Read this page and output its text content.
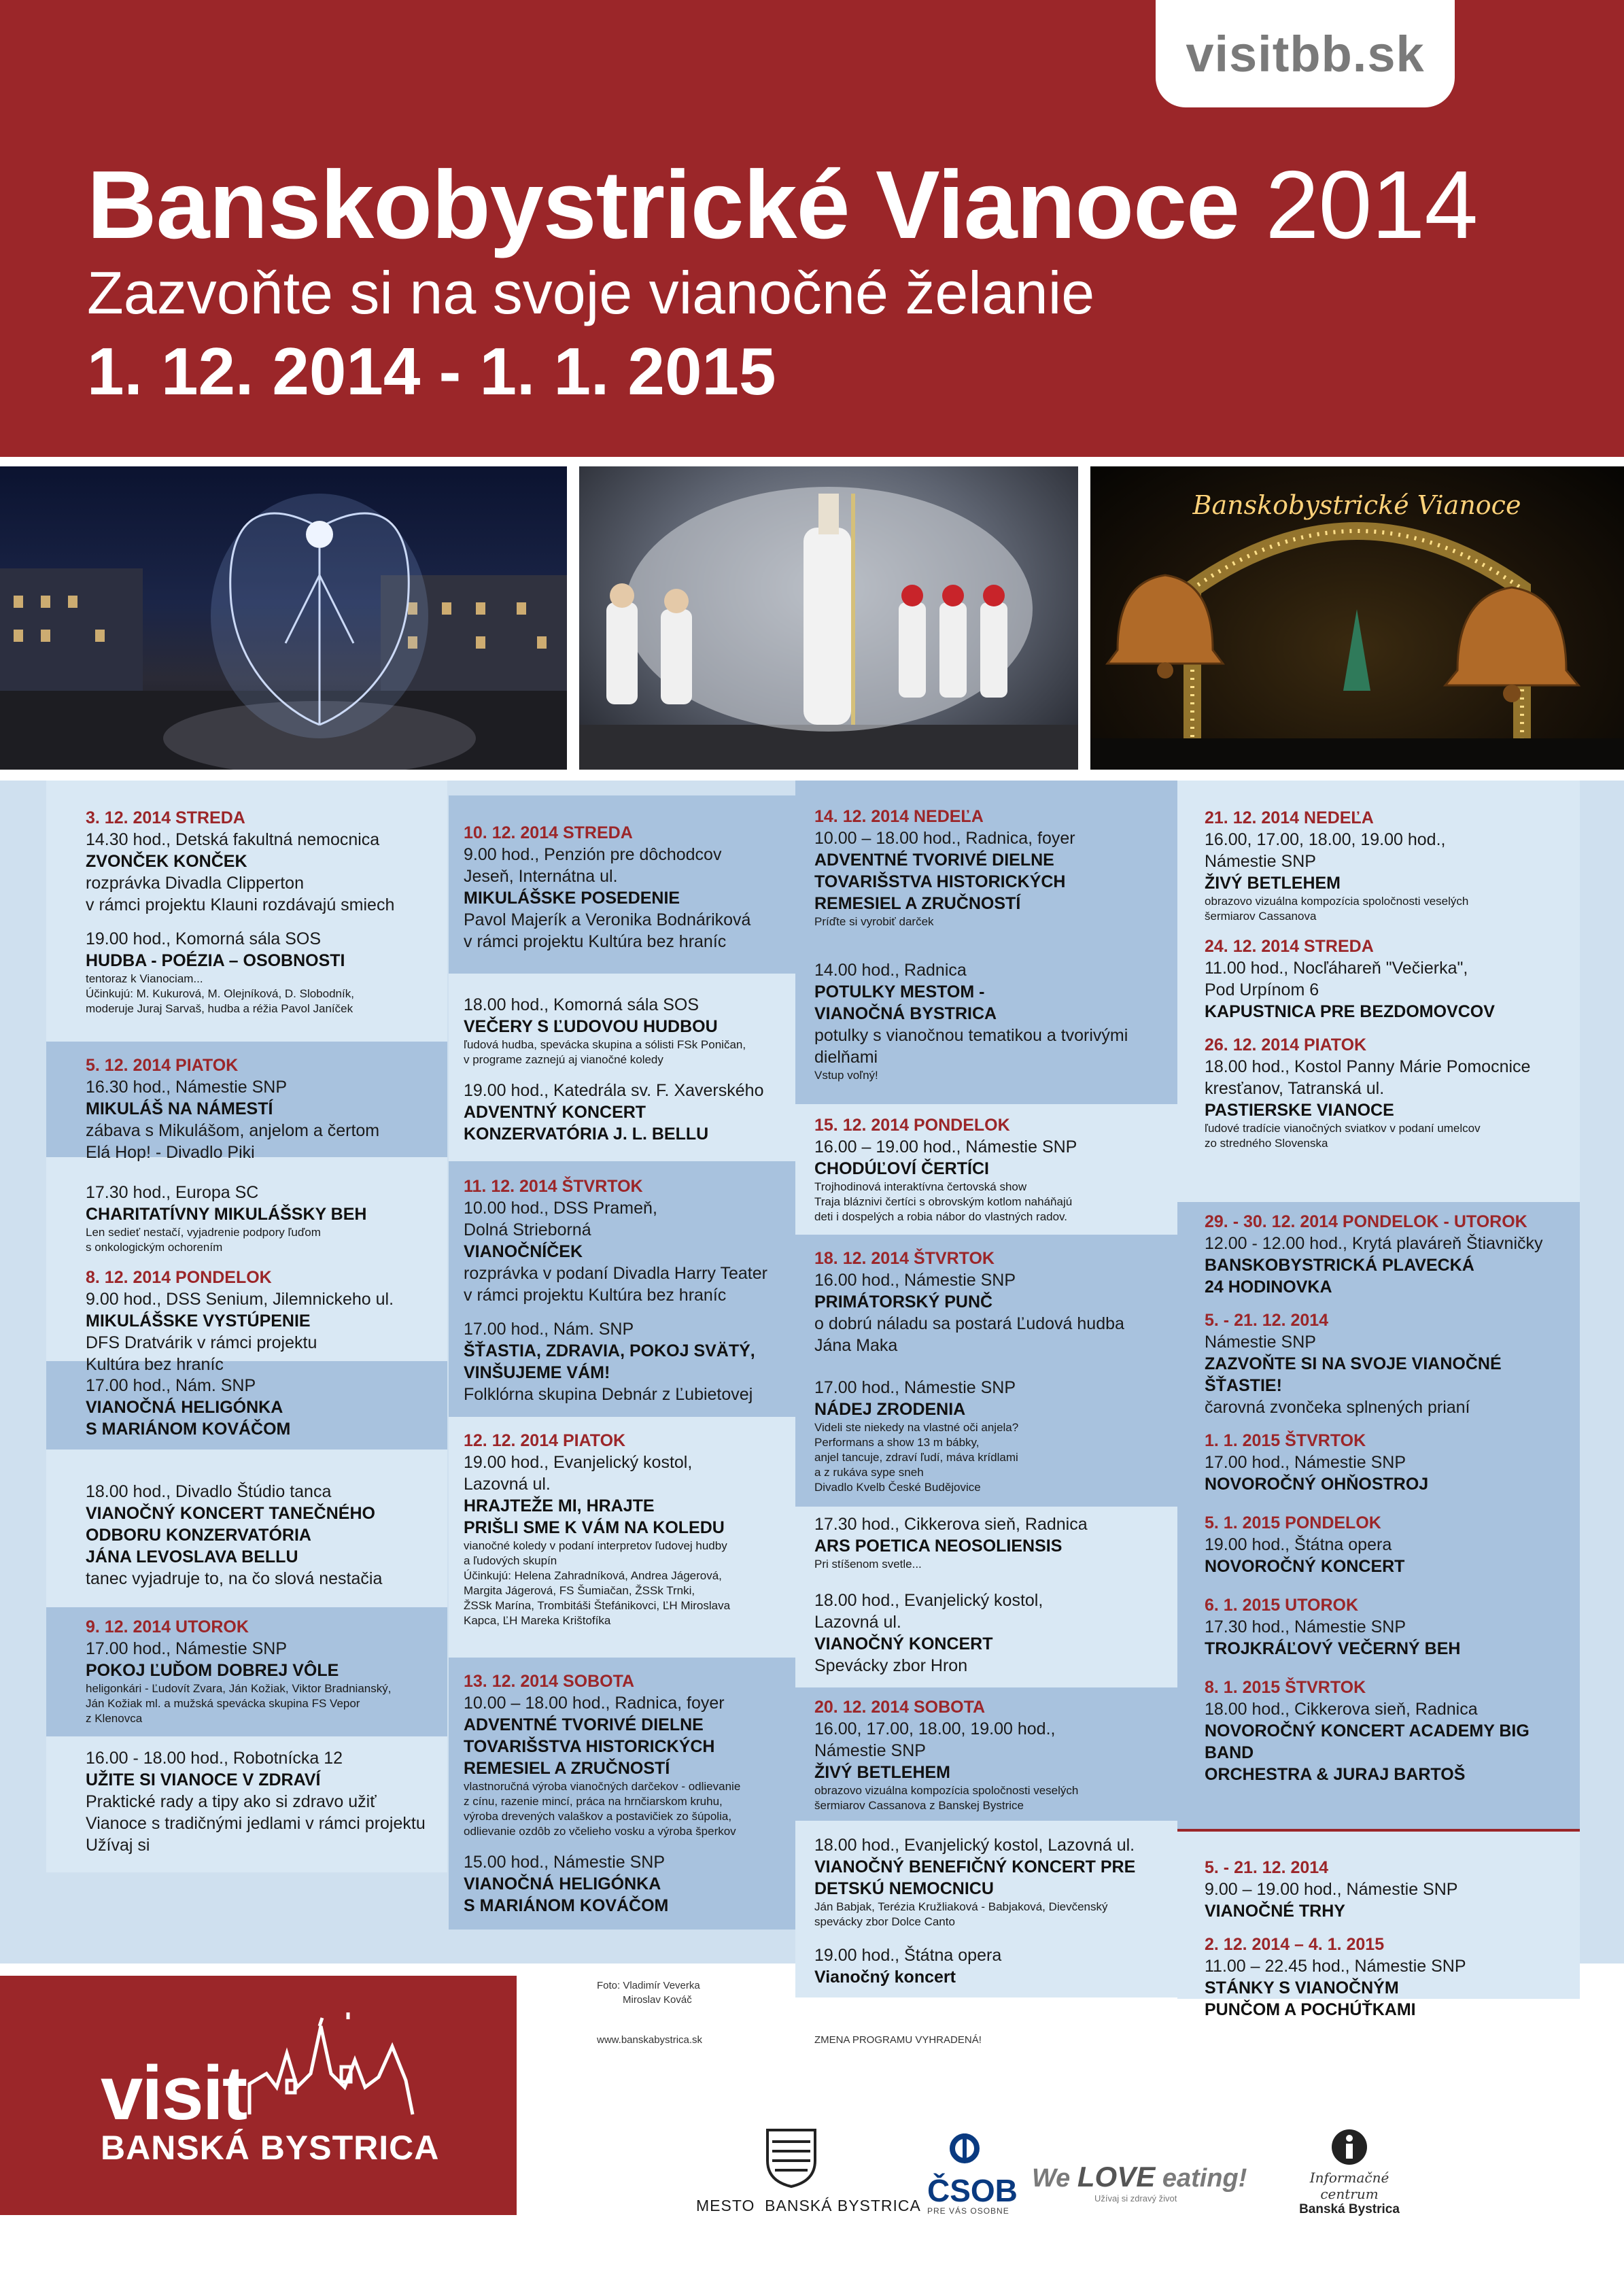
visitbb.sk
Banskobystrické Vianoce 2014
Zazvoňte si na svoje vianočné želanie
1. 12. 2014 - 1. 1. 2015
Banskobystrické Vianoce
3. 12. 2014 STREDA
14.30 hod., Detská fakultná nemocnica
ZVONČEK KONČEK
rozprávka Divadla Clipperton
v rámci projektu Klauni rozdávajú smiech
19.00 hod., Komorná sála SOS
HUDBA - POÉZIA – OSOBNOSTI
tentoraz k Vianociam...
Účinkujú: M. Kukurová, M. Olejníková, D. Slobodník,
moderuje Juraj Sarvaš, hudba a réžia Pavol Janíček
5. 12. 2014 PIATOK
16.30 hod., Námestie SNP
MIKULÁŠ NA NÁMESTÍ
zábava s Mikulášom, anjelom a čertom
Elá Hop! - Divadlo Piki
17.30 hod., Europa SC
CHARITATÍVNY MIKULÁŠSKY BEH
Len sedieť nestačí, vyjadrenie podpory ľuďom
s onkologickým ochorením
8. 12. 2014 PONDELOK
9.00 hod., DSS Senium, Jilemnickeho ul.
MIKULÁŠSKE VYSTÚPENIE
DFS Dratvárik v rámci projektu
Kultúra bez hraníc
17.00 hod., Nám. SNP
VIANOČNÁ HELIGÓNKA
S MARIÁNOM KOVÁČOM
18.00 hod., Divadlo Štúdio tanca
VIANOČNÝ KONCERT TANEČNÉHO
ODBORU KONZERVATÓRIA
JÁNA LEVOSLAVA BELLU
tanec vyjadruje to, na čo slová nestačia
9. 12. 2014 UTOROK
17.00 hod., Námestie SNP
POKOJ ĽUĎOM DOBREJ VÔLE
heligonkári - Ľudovít Zvara, Ján Kožiak, Viktor Bradnianský,
Ján Kožiak ml. a mužská spevácka skupina FS Vepor
z Klenovca
16.00 - 18.00 hod., Robotnícka 12
UŽITE SI VIANOCE V ZDRAVÍ
Praktické rady a tipy ako si zdravo užiť
Vianoce s tradičnými jedlami v rámci projektu
Užívaj si
10. 12. 2014 STREDA
9.00 hod., Penzión pre dôchodcov
Jeseň, Internátna ul.
MIKULÁŠSKE POSEDENIE
Pavol Majerík a Veronika Bodnáriková
v rámci projektu Kultúra bez hraníc
18.00 hod., Komorná sála SOS
VEČERY S ĽUDOVOU HUDBOU
ľudová hudba, spevácka skupina a sólisti FSk Poničan,
v programe zaznejú aj vianočné koledy
19.00 hod., Katedrála sv. F. Xaverského
ADVENTNÝ KONCERT
KONZERVATÓRIA J. L. BELLU
11. 12. 2014 ŠTVRTOK
10.00 hod., DSS Prameň,
Dolná Strieborná
VIANOČNÍČEK
rozprávka v podaní Divadla Harry Teater
v rámci projektu Kultúra bez hraníc
17.00 hod., Nám. SNP
ŠŤASTIA, ZDRAVIA, POKOJ SVÄTÝ,
VINŠUJEME VÁM!
Folklórna skupina Debnár z Ľubietovej
12. 12. 2014 PIATOK
19.00 hod., Evanjelický kostol,
Lazovná ul.
HRAJTEŽE MI, HRAJTE
PRIŠLI SME K VÁM NA KOLEDU
vianočné koledy v podaní interpretov ľudovej hudby
a ľudových skupín
Účinkujú: Helena Zahradníková, Andrea Jágerová,
Margita Jágerová, FS Šumiačan, ŽSSk Trnki,
ŽSSk Marína, Trombitáši Štefánikovci, ĽH Miroslava
Kapca, ĽH Mareka Krištofíka
13. 12. 2014 SOBOTA
10.00 – 18.00 hod., Radnica, foyer
ADVENTNÉ TVORIVÉ DIELNE
TOVARIŠSTVA HISTORICKÝCH
REMESIEL A ZRUČNOSTÍ
vlastnoručná výroba vianočných darčekov - odlievanie
z cínu, razenie mincí, práca na hrnčiarskom kruhu,
výroba drevených valaškov a postavičiek zo šúpolia,
odlievanie ozdôb zo včelieho vosku a výroba šperkov
15.00 hod., Námestie SNP
VIANOČNÁ HELIGÓNKA
S MARIÁNOM KOVÁČOM
14. 12. 2014 NEDEĽA
10.00 – 18.00 hod., Radnica, foyer
ADVENTNÉ TVORIVÉ DIELNE
TOVARIŠSTVA HISTORICKÝCH
REMESIEL A ZRUČNOSTÍ
Príďte si vyrobiť darček
14.00 hod., Radnica
POTULKY MESTOM -
VIANOČNÁ BYSTRICA
potulky s vianočnou tematikou a tvorivými
dielňami
Vstup voľný!
15. 12. 2014 PONDELOK
16.00 – 19.00 hod., Námestie SNP
CHODÚĽOVÍ ČERTÍCI
Trojhodinová interaktívna čertovská show
Traja bláznivi čertíci s obrovským kotlom naháňajú
deti i dospelých a robia nábor do vlastných radov.
18. 12. 2014 ŠTVRTOK
16.00 hod., Námestie SNP
PRIMÁTORSKÝ PUNČ
o dobrú náladu sa postará Ľudová hudba
Jána Maka
17.00 hod., Námestie SNP
NÁDEJ ZRODENIA
Videli ste niekedy na vlastné oči anjela?
Performans a show 13 m bábky,
anjel tancuje, zdraví ľudí, máva krídlami
a z rukáva sype sneh
Divadlo Kvelb České Budějovice
17.30 hod., Cikkerova sieň, Radnica
ARS POETICA NEOSOLIENSIS
Pri stíšenom svetle...
18.00 hod., Evanjelický kostol,
Lazovná ul.
VIANOČNÝ KONCERT
Spevácky zbor Hron
20. 12. 2014 SOBOTA
16.00, 17.00, 18.00, 19.00 hod.,
Námestie SNP
ŽIVÝ BETLEHEM
obrazovo vizuálna kompozícia spoločnosti veselých
šermiarov Cassanova z Banskej Bystrice
18.00 hod., Evanjelický kostol, Lazovná ul.
VIANOČNÝ BENEFIČNÝ KONCERT PRE
DETSKÚ NEMOCNICU
Ján Babjak, Terézia Kružliaková - Babjaková, Dievčenský
spevácky zbor Dolce Canto
19.00 hod., Štátna opera
Vianočný koncert
21. 12. 2014 NEDEĽA
16.00, 17.00, 18.00, 19.00 hod.,
Námestie SNP
ŽIVÝ BETLEHEM
obrazovo vizuálna kompozícia spoločnosti veselých
šermiarov Cassanova
24. 12. 2014 STREDA
11.00 hod., Nocľáhareň "Večierka",
Pod Urpínom 6
KAPUSTNICA PRE BEZDOMOVCOV
26. 12. 2014 PIATOK
18.00 hod., Kostol Panny Márie Pomocnice
kresťanov, Tatranská ul.
PASTIERSKE VIANOCE
ľudové tradície vianočných sviatkov v podaní umelcov
zo stredného Slovenska
29. - 30. 12. 2014 PONDELOK - UTOROK
12.00 - 12.00 hod., Krytá plaváreň Štiavničky
BANSKOBYSTRICKÁ PLAVECKÁ
24 HODINOVKA
5. - 21. 12. 2014
Námestie SNP
ZAZVOŇTE SI NA SVOJE VIANOČNÉ
ŠŤASTIE!
čarovná zvončeka splnených prianí
1. 1. 2015 ŠTVRTOK
17.00 hod., Námestie SNP
NOVOROČNÝ OHŇOSTROJ
5. 1. 2015 PONDELOK
19.00 hod., Štátna opera
NOVOROČNÝ KONCERT
6. 1. 2015 UTOROK
17.30 hod., Námestie SNP
TROJKRÁĽOVÝ VEČERNÝ BEH
8. 1. 2015 ŠTVRTOK
18.00 hod., Cikkerova sieň, Radnica
NOVOROČNÝ KONCERT ACADEMY BIG BAND
ORCHESTRA & JURAJ BARTOŠ
5. - 21. 12. 2014
9.00 – 19.00 hod., Námestie SNP
VIANOČNÉ TRHY
2. 12. 2014 – 4. 1. 2015
11.00 – 22.45 hod., Námestie SNP
STÁNKY S VIANOČNÝM
PUNČOM A POCHÚŤKAMI
visit
BANSKÁ BYSTRICA
Foto: Vladimír Veverka
Miroslav Kováč
www.banskabystrica.sk	ZMENA PROGRAMU VYHRADENÁ!
MESTO BANSKÁ BYSTRICA ČSOB
PRE VÁS OSOBNE
We LOVE eating!
Užívaj si zdravý život
Informačné centrum
Banská Bystrica
